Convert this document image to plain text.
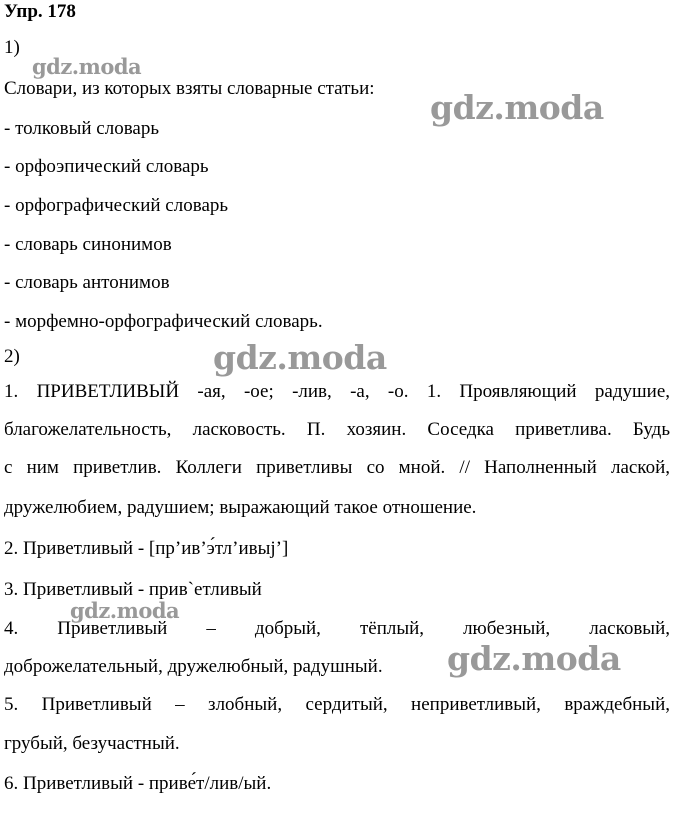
Упр. 178
1)
Словари, из которых взяты словарные статьи:
- толковый словарь
- орфоэпический словарь
- орфографический словарь
- словарь синонимов
- словарь антонимов
- морфемно-орфографический словарь.
2)
1. ПРИВЕТЛИВЫЙ -ая, -ое; -лив, -а, -о. 1. Проявляющий радушие,
благожелательность, ласковость. П. хозяин. Соседка приветлива. Будь
с ним приветлив. Коллеги приветливы со мной. // Наполненный лаской,
дружелюбием, радушием; выражающий такое отношение.
2. Приветливый - [пр’ив’э́тл’ивыj’]
3. Приветливый - прив`етливый
4. Приветливый – добрый, тёплый, любезный, ласковый,
доброжелательный, дружелюбный, радушный.
5. Приветливый – злобный, сердитый, неприветливый, враждебный,
грубый, безучастный.
6. Приветливый - приве́т/лив/ый.
gdz.moda
gdz.moda
gdz.moda
gdz.moda
gdz.moda
